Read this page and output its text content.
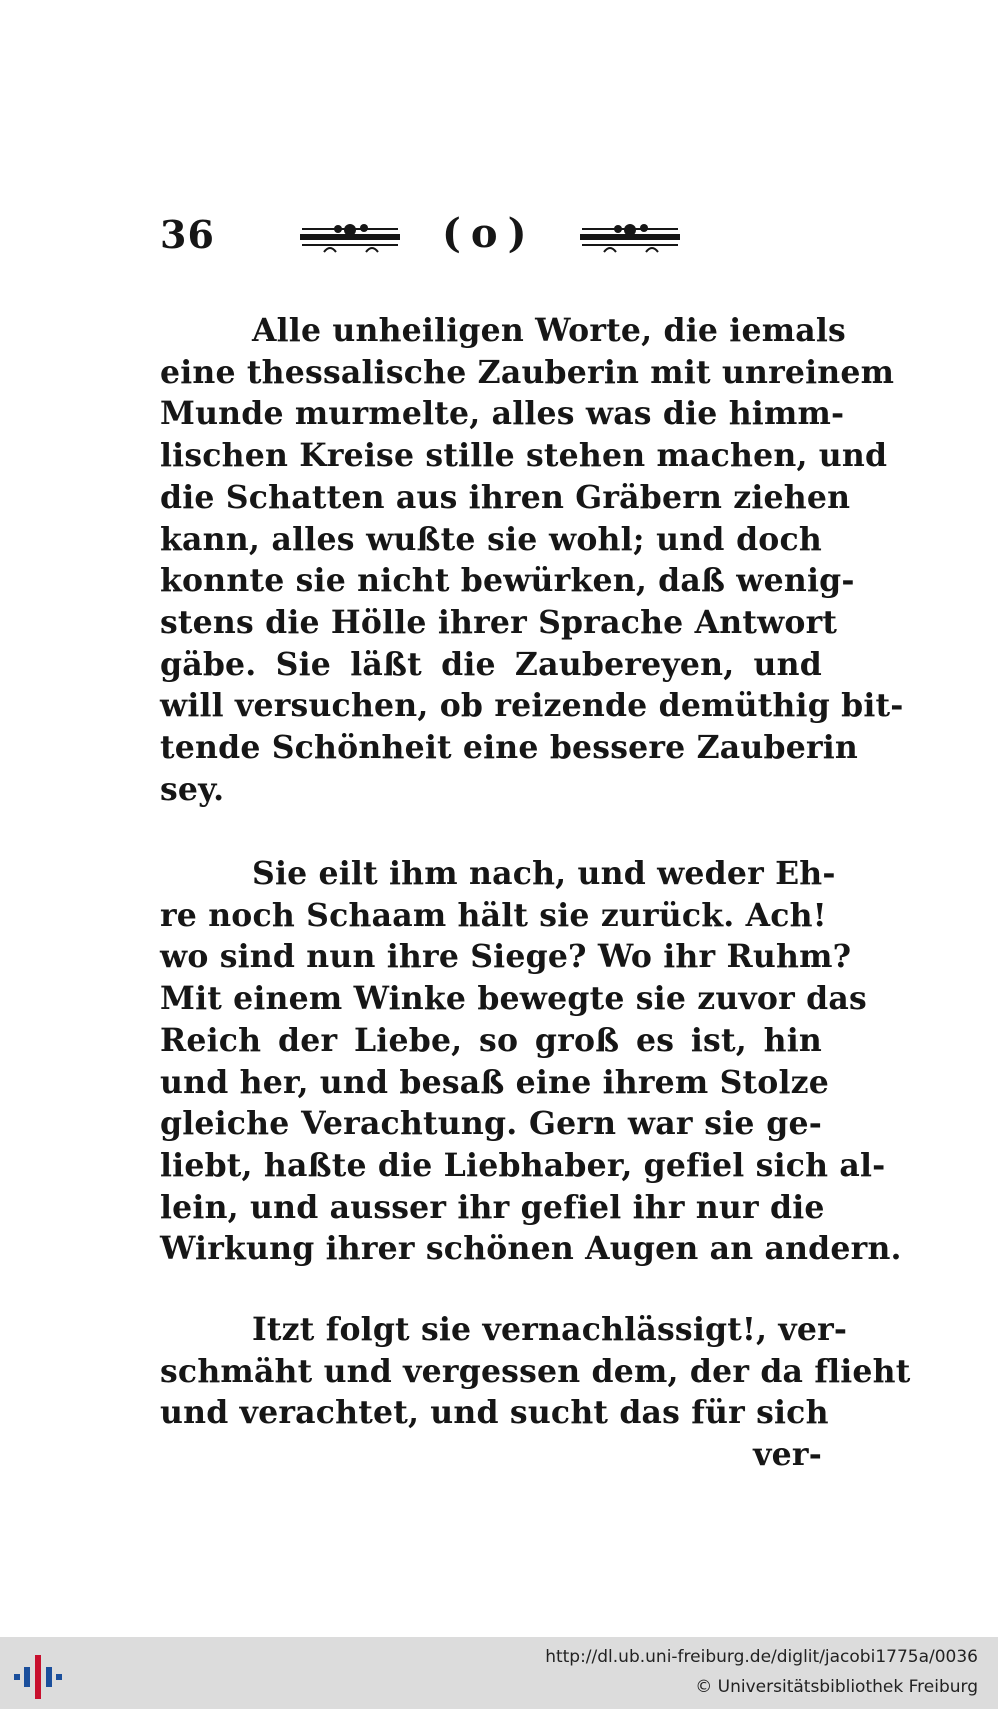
36	(o)
Alle unheiligen Worte, die iemals
eine thessalische Zauberin mit unreinem
Munde murmelte, alles was die himm-
lischen Kreise stille stehen machen, und
die Schatten aus ihren Gräbern ziehen
kann, alles wußte sie wohl; und doch
konnte sie nicht bewürken, daß wenig-
stens die Hölle ihrer Sprache Antwort
gäbe. Sie läßt die Zaubereyen, und
will versuchen, ob reizende demüthig bit-
tende Schönheit eine bessere Zauberin
sey.
Sie eilt ihm nach, und weder Eh-
re noch Schaam hält sie zurück. Ach!
wo sind nun ihre Siege? Wo ihr Ruhm?
Mit einem Winke bewegte sie zuvor das
Reich der Liebe, so groß es ist, hin
und her, und besaß eine ihrem Stolze
gleiche Verachtung. Gern war sie ge-
liebt, haßte die Liebhaber, gefiel sich al-
lein, und ausser ihr gefiel ihr nur die
Wirkung ihrer schönen Augen an andern.
Itzt folgt sie vernachlässigt!, ver-
schmäht und vergessen dem, der da flieht
und verachtet, und sucht das für sich
ver-
http://dl.ub.uni-freiburg.de/diglit/jacobi1775a/0036
© Universitätsbibliothek Freiburg
